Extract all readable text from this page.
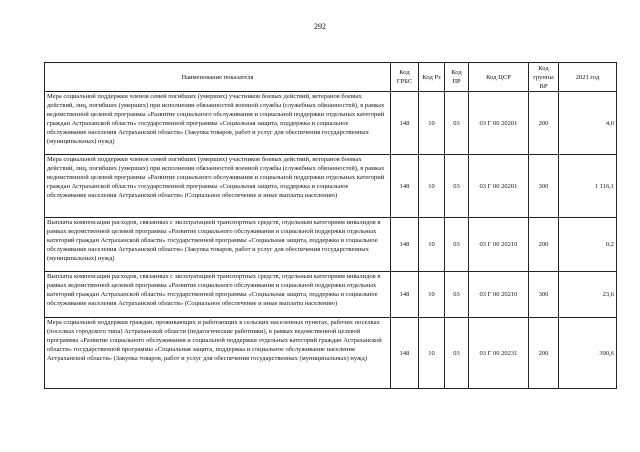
292
Наименование показателя	Код ГРБС	Код Рз	Код ПР	Код ЦСР	Код группы ВР	2021 год
Мера социальной поддержки членов семей погибших (умерших) участников боевых действий, ветеранов боевых действий, лиц, погибших (умерших) при исполнении обязанностей военной службы (служебных обязанностей), в рамках ведомственной целевой программы «Развитие социального обслуживания и социальной поддержки отдельных категорий граждан Астраханской области» государственной программы «Социальная защита, поддержка и социальное обслуживание населения Астраханской области» (Закупка товаров, работ и услуг для обеспечения государственных (муниципальных) нужд)	148	10	03	03 Г 00 20201	200	4,0
Мера социальной поддержки членов семей погибших (умерших) участников боевых действий, ветеранов боевых действий, лиц, погибших (умерших) при исполнении обязанностей военной службы (служебных обязанностей), в рамках ведомственной целевой программы «Развитие социального обслуживания и социальной поддержки отдельных категорий граждан Астраханской области» государственной программы «Социальная защита, поддержка и социальное обслуживание населения Астраханской области» (Социальное обеспечение и иные выплаты населению)	148	10	03	03 Г 00 20201	300	1 116,1
Выплаты компенсации расходов, связанных с эксплуатацией транспортных средств, отдельным категориям инвалидов в рамках ведомственной целевой программы «Развитие социального обслуживания и социальной поддержки отдельных категорий граждан Астраханской области» государственной программы «Социальная защита, поддержка и социальное обслуживание населения Астраханской области» (Закупка товаров, работ и услуг для обеспечения государственных (муниципальных) нужд)	148	10	03	03 Г 00 20210	200	0,2
Выплаты компенсации расходов, связанных с эксплуатацией транспортных средств, отдельным категориям инвалидов в рамках ведомственной целевой программы «Развитие социального обслуживания и социальной поддержки отдельных категорий граждан Астраханской области» государственной программы «Социальная защита, поддержка и социальное обслуживание населения Астраханской области» (Социальное обеспечение и иные выплаты населению)	148	10	03	03 Г 00 20210	300	23,6
Мера социальной поддержки граждан, проживающих и работающих в сельских населенных пунктах, рабочих поселках (поселках городского типа) Астраханской области (педагогические работники), в рамках ведомственной целевой программы «Развитие социального обслуживания и социальной поддержки отдельных категорий граждан Астраханской области» государственной программы «Социальная защита, поддержка и социальное обслуживание населения Астраханской области» (Закупка товаров, работ и услуг для обеспечения государственных (муниципальных) нужд)	148	10	03	03 Г 00 20231	200	390,6
